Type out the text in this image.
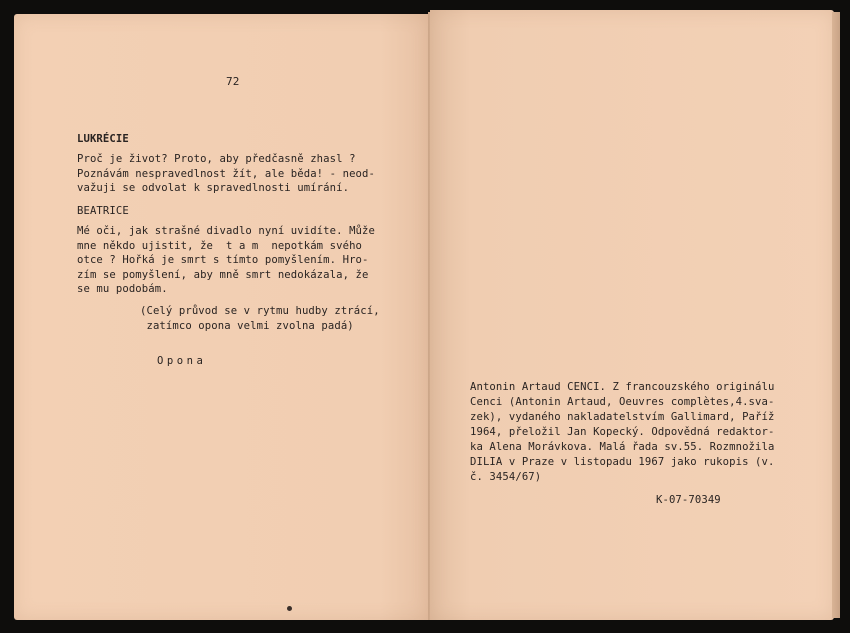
72
LUKRÉCIE
Proč je život? Proto, aby předčasně zhasl ?
Poznávám nespravedlnost žít, ale běda! - neod-
važuji se odvolat k spravedlnosti umírání.
BEATRICE
Mé oči, jak strašné divadlo nyní uvidíte. Může
mne někdo ujistit, že  t a m  nepotkám svého
otce ? Hořká je smrt s tímto pomyšlením. Hro-
zím se pomyšlení, aby mně smrt nedokázala, že
se mu podobám.
(Celý průvod se v rytmu hudby ztrácí,
zatímco opona velmi zvolna padá)
Opona
Antonin Artaud CENCI. Z francouzského originálu
Cenci (Antonin Artaud, Oeuvres complètes,4.sva-
zek), vydaného nakladatelstvím Gallimard, Paříž
1964, přeložil Jan Kopecký. Odpovědná redaktor-
ka Alena Morávkova. Malá řada sv.55. Rozmnožila
DILIA v Praze v listopadu 1967 jako rukopis (v.
č. 3454/67)
K-07-70349
